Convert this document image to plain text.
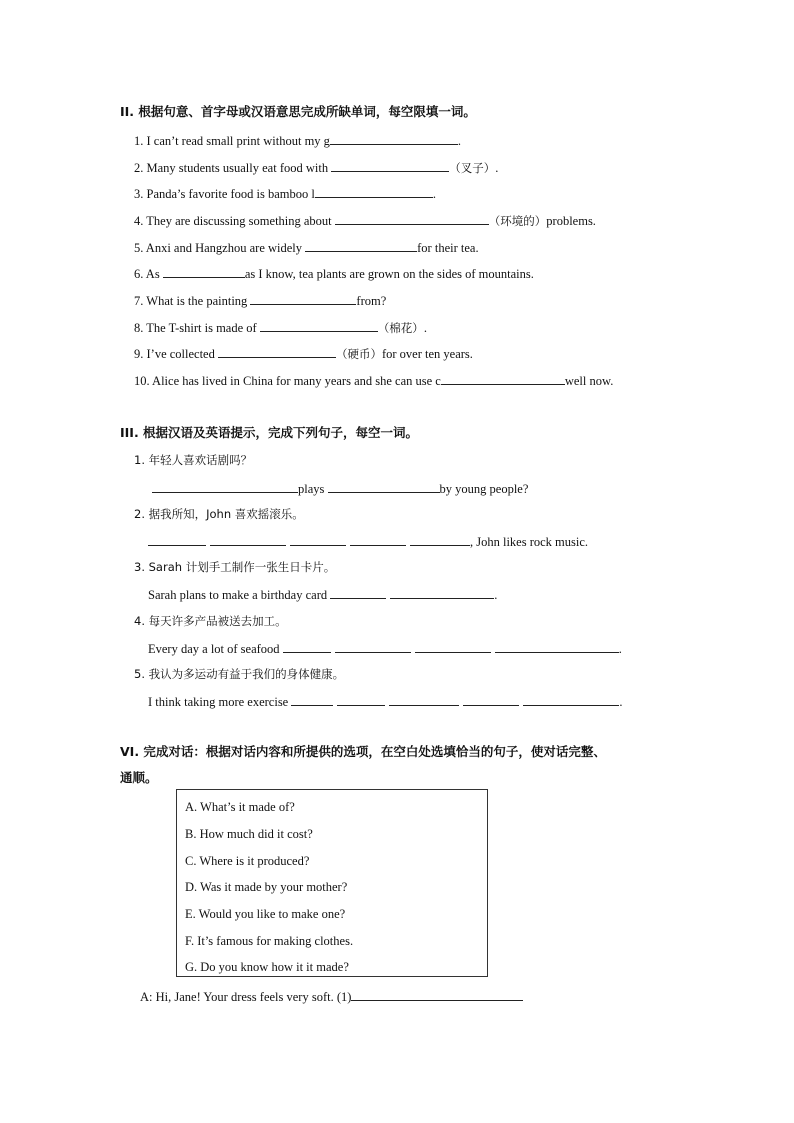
II. 根据句意、首字母或汉语意思完成所缺单词，每空限填一词。
1. I can’t read small print without my g	.
2. Many students usually eat food with	（叉子）.
3. Panda’s favorite food is bamboo l	.
4. They are discussing something about	（环境的）problems.
5. Anxi and Hangzhou are widely	for their tea.
6. As	as I know, tea plants are grown on the sides of mountains.
7. What is the painting	from?
8. The T-shirt is made of	（棉花）.
9. I’ve collected	（硬币）for over ten years.
10. Alice has lived in China for many years and she can use c	well now.
III. 根据汉语及英语提示，完成下列句子，每空一词。
1. 年轻人喜欢话剧吗？
plays	by young people?
2. 据我所知，John 喜欢摇滚乐。
, John likes rock music.
3. Sarah 计划手工制作一张生日卡片。
Sarah plans to make a birthday card	.
4. 每天许多产品被送去加工。
Every day a lot of seafood	.
5. 我认为多运动有益于我们的身体健康。
I think taking more exercise	.
VI. 完成对话：根据对话内容和所提供的选项，在空白处选填恰当的句子，使对话完整、
通顺。
A. What’s it made of?
B. How much did it cost?
C. Where is it produced?
D. Was it made by your mother?
E. Would you like to make one?
F. It’s famous for making clothes.
G. Do you know how it it made?
A: Hi, Jane! Your dress feels very soft. (1)
